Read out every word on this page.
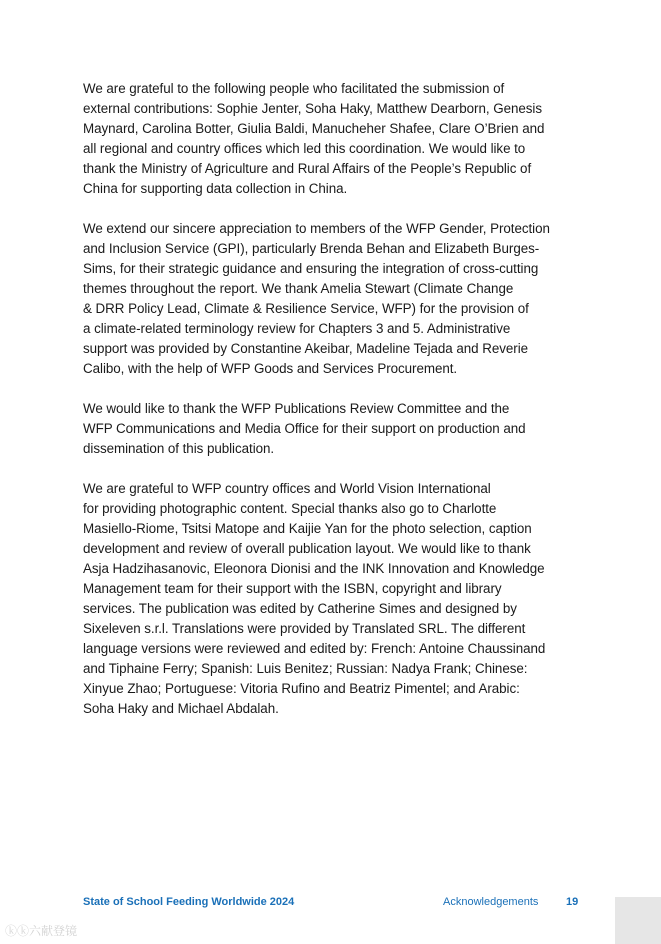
We are grateful to the following people who facilitated the submission of
external contributions: Sophie Jenter, Soha Haky, Matthew Dearborn, Genesis
Maynard, Carolina Botter, Giulia Baldi, Manucheher Shafee, Clare O’Brien and
all regional and country offices which led this coordination. We would like to
thank the Ministry of Agriculture and Rural Affairs of the People’s Republic of
China for supporting data collection in China.

We extend our sincere appreciation to members of the WFP Gender, Protection
and Inclusion Service (GPI), particularly Brenda Behan and Elizabeth Burges-
Sims, for their strategic guidance and ensuring the integration of cross-cutting
themes throughout the report. We thank Amelia Stewart (Climate Change
& DRR Policy Lead, Climate & Resilience Service, WFP) for the provision of
a climate-related terminology review for Chapters 3 and 5. Administrative
support was provided by Constantine Akeibar, Madeline Tejada and Reverie
Calibo, with the help of WFP Goods and Services Procurement.

We would like to thank the WFP Publications Review Committee and the
WFP Communications and Media Office for their support on production and
dissemination of this publication.

We are grateful to WFP country offices and World Vision International
for providing photographic content. Special thanks also go to Charlotte
Masiello-Riome, Tsitsi Matope and Kaijie Yan for the photo selection, caption
development and review of overall publication layout. We would like to thank
Asja Hadzihasanovic, Eleonora Dionisi and the INK Innovation and Knowledge
Management team for their support with the ISBN, copyright and library
services. The publication was edited by Catherine Simes and designed by
Sixeleven s.r.l. Translations were provided by Translated SRL. The different
language versions were reviewed and edited by: French: Antoine Chaussinand
and Tiphaine Ferry; Spanish: Luis Benitez; Russian: Nadya Frank; Chinese:
Xinyue Zhao; Portuguese: Vitoria Rufino and Beatriz Pimentel; and Arabic:
Soha Haky and Michael Abdalah.

State of School Feeding Worldwide 2024	Acknowledgements	19
ⓚⓚ六献登镜
